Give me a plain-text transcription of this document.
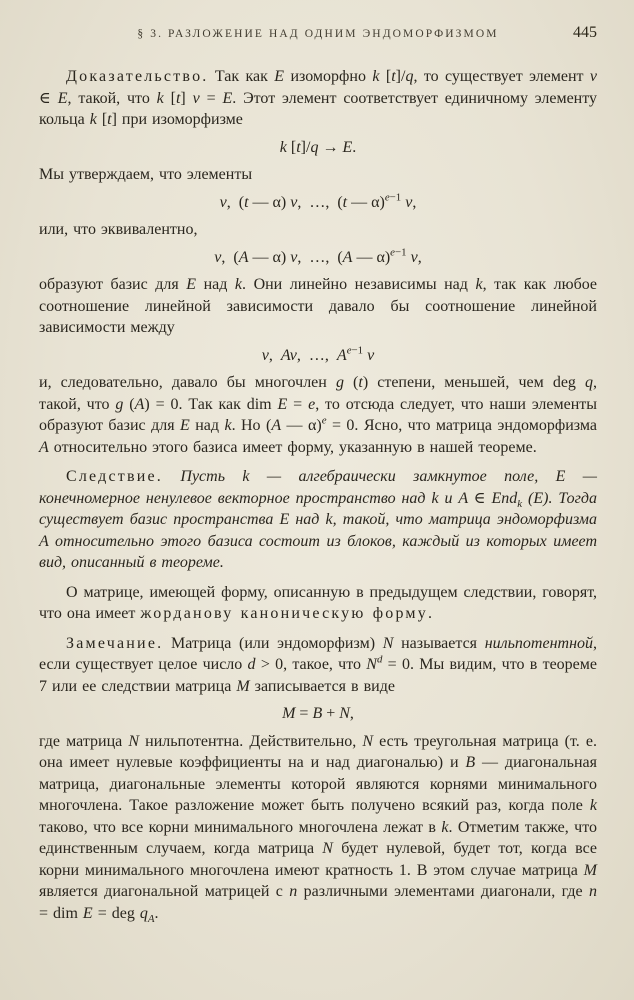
§ 3. РАЗЛОЖЕНИЕ НАД ОДНИМ ЭНДОМОРФИЗМОМ	445

Доказательство. Так как E изоморфно k [t]/q, то существует элемент v ∈ E, такой, что k [t] v = E. Этот элемент соответствует единичному элементу кольца k [t] при изоморфизме

k [t]/q → E.

Мы утверждаем, что элементы

v, (t — α) v, …, (t — α)$^{e-1}$ v,

или, что эквивалентно,

v, (A — α) v, …, (A — α)$^{e-1}$ v,

образуют базис для E над k. Они линейно независимы над k, так как любое соотношение линейной зависимости давало бы соотношение линейной зависимости между

v, Av, …, $A^{e-1}$ v

и, следовательно, давало бы многочлен g (t) степени, меньшей, чем deg q, такой, что g (A) = 0. Так как dim E = e, то отсюда следует, что наши элементы образуют базис для E над k. Но (A — α)$^e$ = 0. Ясно, что матрица эндоморфизма A относительно этого базиса имеет форму, указанную в нашей теореме.

Следствие. Пусть k — алгебраически замкнутое поле, E — конечномерное ненулевое векторное пространство над k и A ∈ End$_k$ (E). Тогда существует базис пространства E над k, такой, что матрица эндоморфизма A относительно этого базиса состоит из блоков, каждый из которых имеет вид, описанный в теореме.

О матрице, имеющей форму, описанную в предыдущем следствии, говорят, что она имеет жорданову каноническую форму.

Замечание. Матрица (или эндоморфизм) N называется нильпотентной, если существует целое число d > 0, такое, что $N^d = 0$. Мы видим, что в теореме 7 или ее следствии матрица M записывается в виде

M = B + N,

где матрица N нильпотентна. Действительно, N есть треугольная матрица (т. е. она имеет нулевые коэффициенты на и над диагональю) и B — диагональная матрица, диагональные элементы которой являются корнями минимального многочлена. Такое разложение может быть получено всякий раз, когда поле k таково, что все корни минимального многочлена лежат в k. Отметим также, что единственным случаем, когда матрица N будет нулевой, будет тот, когда все корни минимального многочлена имеют кратность 1. В этом случае матрица M является диагональной матрицей с n различными элементами диагонали, где n = dim E = deg $q_A$.
